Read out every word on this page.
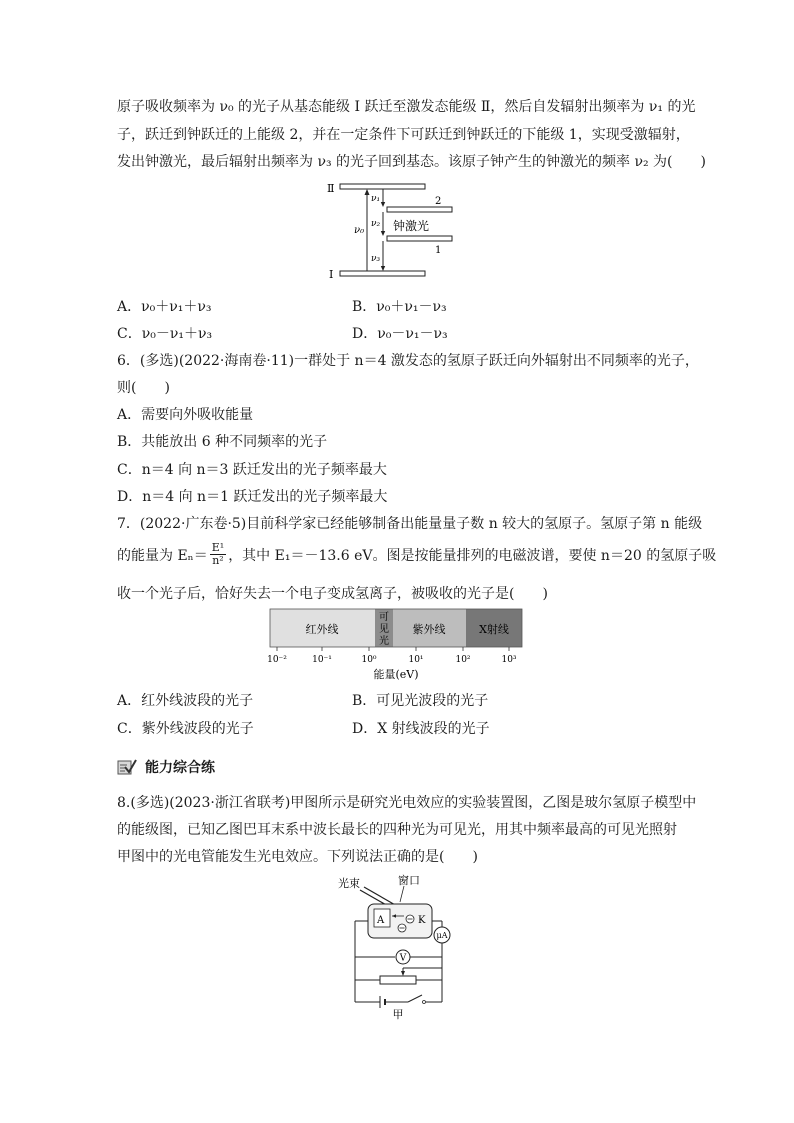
原子吸收频率为 ν₀ 的光子从基态能级 Ⅰ 跃迁至激发态能级 Ⅱ，然后自发辐射出频率为 ν₁ 的光
子，跃迁到钟跃迁的上能级 2，并在一定条件下可跃迁到钟跃迁的下能级 1，实现受激辐射，
发出钟激光，最后辐射出频率为 ν₃ 的光子回到基态。该原子钟产生的钟激光的频率 ν₂ 为(　　)
Ⅱ
Ⅰ
ν₀
2
1
ν₁
ν₂ 钟激光
ν₃
A．ν₀＋ν₁＋ν₃	B．ν₀＋ν₁－ν₃
C．ν₀－ν₁＋ν₃	D．ν₀－ν₁－ν₃
6．(多选)(2022·海南卷·11)一群处于 n＝4 激发态的氢原子跃迁向外辐射出不同频率的光子，
则(　　)
A．需要向外吸收能量
B．共能放出 6 种不同频率的光子
C．n＝4 向 n＝3 跃迁发出的光子频率最大
D．n＝4 向 n＝1 跃迁发出的光子频率最大
7．(2022·广东卷·5)目前科学家已经能够制备出能量量子数 n 较大的氢原子。氢原子第 n 能级
的能量为 $E_n= \frac{\text{E¹}}{\text{n²}}$ ，其中 E₁＝－13.6 eV。图是按能量排列的电磁波谱，要使 n＝20 的氢原子吸
收一个光子后，恰好失去一个电子变成氢离子，被吸收的光子是(　　)
红外线
可
见
光
紫外线	X射线
10⁻²	10⁻¹	10⁰	10¹	10²	10³
能量(eV)
A．红外线波段的光子	B．可见光波段的光子
C．紫外线波段的光子	D．X 射线波段的光子
能力综合练
8.(多选)(2023·浙江省联考)甲图所示是研究光电效应的实验装置图，乙图是玻尔氢原子模型中
的能级图，已知乙图巴耳末系中波长最长的四种光为可见光，用其中频率最高的可见光照射
甲图中的光电管能发生光电效应。下列说法正确的是(　　)
光束	窗口
A	K
μA
V
甲
